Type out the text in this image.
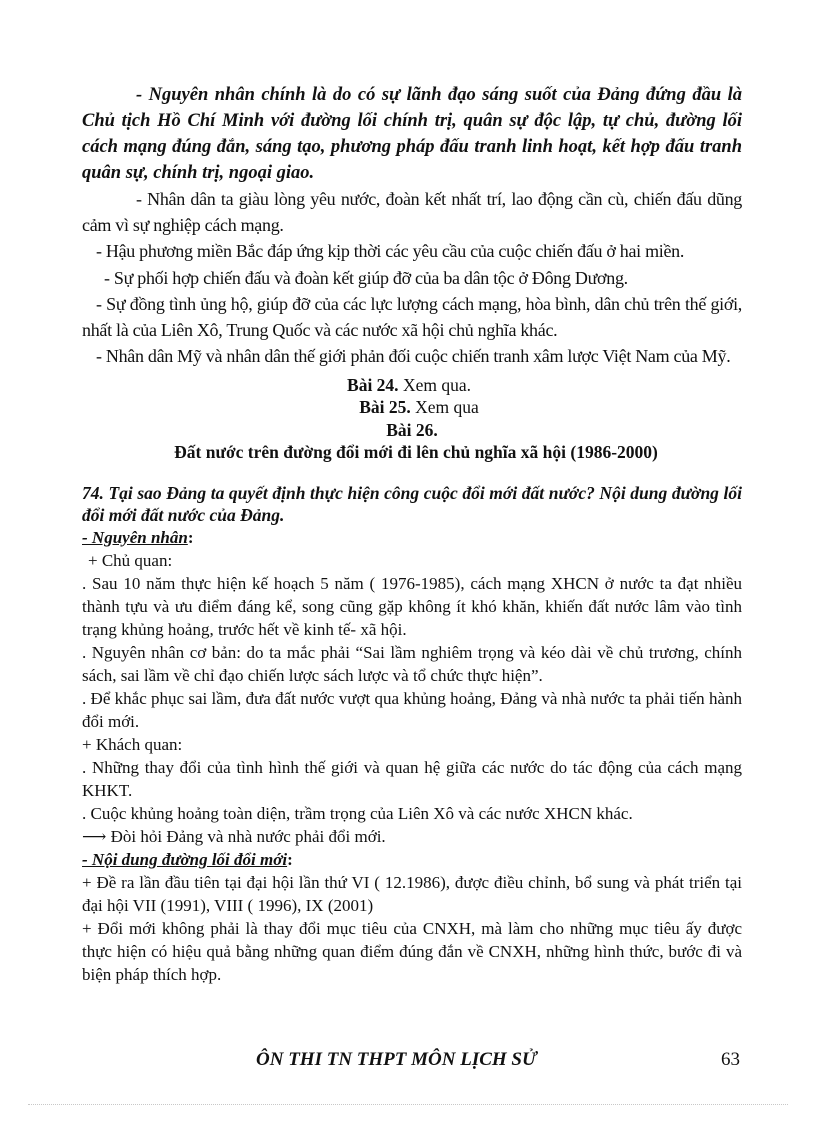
- Nguyên nhân chính là do có sự lãnh đạo sáng suốt của Đảng đứng đầu là Chủ tịch Hồ Chí Minh với đường lối chính trị, quân sự độc lập, tự chủ, đường lối cách mạng đúng đắn, sáng tạo, phương pháp đấu tranh linh hoạt, kết hợp đấu tranh quân sự, chính trị, ngoại giao.

- Nhân dân ta giàu lòng yêu nước, đoàn kết nhất trí, lao động cần cù, chiến đấu dũng cảm vì sự nghiệp cách mạng.

- Hậu phương miền Bắc đáp ứng kịp thời các yêu cầu của cuộc chiến đấu ở hai miền.

- Sự phối hợp chiến đấu và đoàn kết giúp đỡ của ba dân tộc ở Đông Dương.

- Sự đồng tình ủng hộ, giúp đỡ của các lực lượng cách mạng, hòa bình, dân chủ trên thế giới, nhất là của Liên Xô, Trung Quốc và các nước xã hội chủ nghĩa khác.

- Nhân dân Mỹ và nhân dân thế giới phản đối cuộc chiến tranh xâm lược Việt Nam của Mỹ.

Bài 24. Xem qua.

Bài 25. Xem qua

Bài 26.

Đất nước trên đường đổi mới đi lên chủ nghĩa xã hội (1986-2000)

74. Tại sao Đảng ta quyết định thực hiện công cuộc đổi mới đất nước? Nội dung đường lối đổi mới đất nước của Đảng.

- Nguyên nhân:

+ Chủ quan:

. Sau 10 năm thực hiện kế hoạch 5 năm ( 1976-1985), cách mạng XHCN ở nước ta đạt nhiều thành tựu và ưu điểm đáng kể, song cũng gặp không ít khó khăn, khiến đất nước lâm vào tình trạng khủng hoảng, trước hết về kinh tế- xã hội.

. Nguyên nhân cơ bản: do ta mắc phải “Sai lầm nghiêm trọng và kéo dài về chủ trương, chính sách, sai lầm về chỉ đạo chiến lược sách lược và tổ chức thực hiện”.

. Để khắc phục sai lầm, đưa đất nước vượt qua khủng hoảng, Đảng và nhà nước ta phải tiến hành đổi mới.

+ Khách quan:

. Những thay đổi của tình hình thế giới và quan hệ giữa các nước do tác động của cách mạng KHKT.

. Cuộc khủng hoảng toàn diện, trầm trọng của Liên Xô và các nước XHCN khác.

⟶ Đòi hỏi Đảng và nhà nước phải đổi mới.

- Nội dung đường lối đổi mới:

+ Đề ra lần đầu tiên tại đại hội lần thứ VI ( 12.1986), được điều chỉnh, bổ sung và phát triển tại đại hội VII (1991), VIII ( 1996), IX (2001)

+ Đổi mới không phải là thay đổi mục tiêu của CNXH, mà làm cho những mục tiêu ấy được thực hiện có hiệu quả bằng những quan điểm đúng đắn về CNXH, những hình thức, bước đi và biện pháp thích hợp.

ÔN THI TN THPT MÔN LỊCH SỬ	63
